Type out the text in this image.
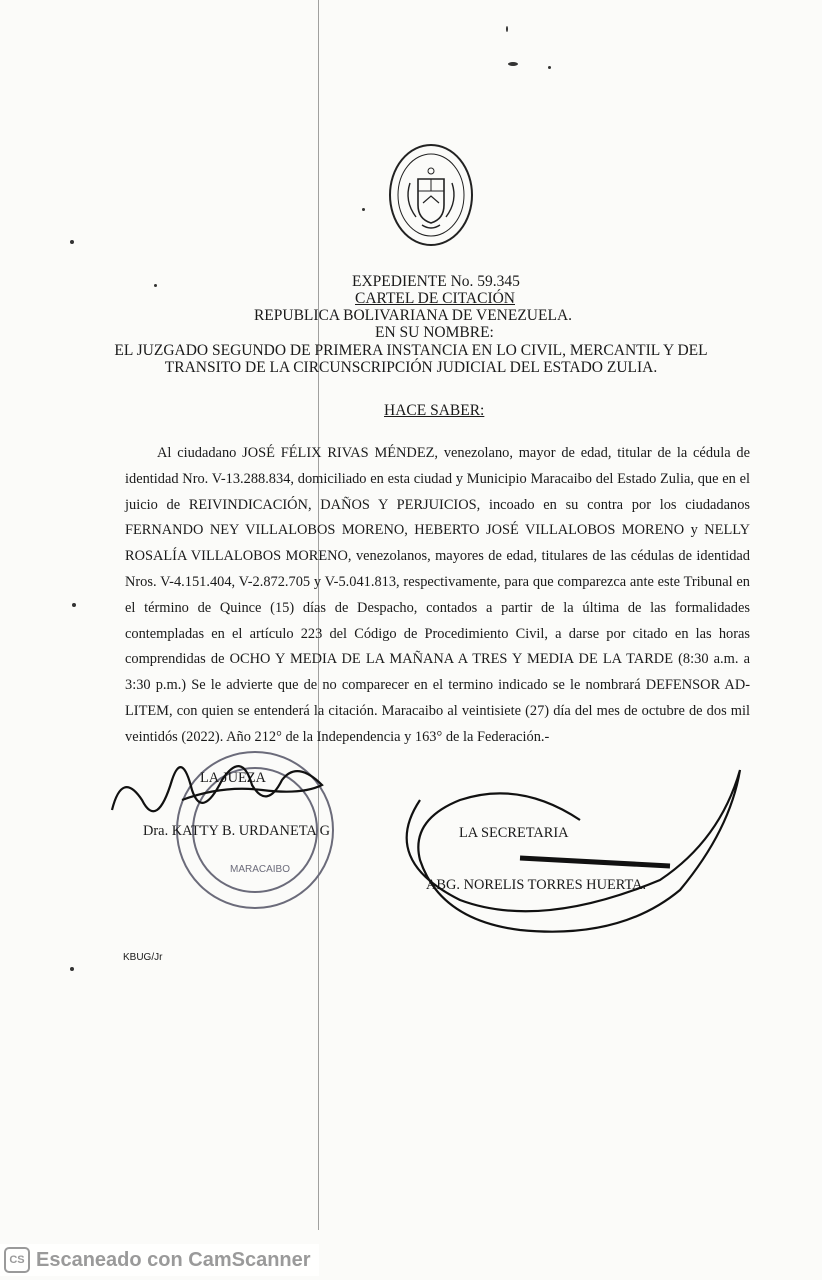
EXPEDIENTE No. 59.345
CARTEL DE CITACIÓN
REPUBLICA BOLIVARIANA DE VENEZUELA.
EN SU NOMBRE:
EL JUZGADO SEGUNDO DE PRIMERA INSTANCIA EN LO CIVIL, MERCANTIL Y DEL
TRANSITO DE LA CIRCUNSCRIPCIÓN JUDICIAL DEL ESTADO ZULIA.
HACE SABER:

Al ciudadano JOSÉ FÉLIX RIVAS MÉNDEZ, venezolano, mayor de edad, titular de la cédula de identidad Nro. V-13.288.834, domiciliado en esta ciudad y Municipio Maracaibo del Estado Zulia, que en el juicio de REIVINDICACIÓN, DAÑOS Y PERJUICIOS, incoado en su contra por los ciudadanos FERNANDO NEY VILLALOBOS MORENO, HEBERTO JOSÉ VILLALOBOS MORENO y NELLY ROSALÍA VILLALOBOS MORENO, venezolanos, mayores de edad, titulares de las cédulas de identidad Nros. V-4.151.404, V-2.872.705 y V-5.041.813, respectivamente, para que comparezca ante este Tribunal en el término de Quince (15) días de Despacho, contados a partir de la última de las formalidades contempladas en el artículo 223 del Código de Procedimiento Civil, a darse por citado en las horas comprendidas de OCHO Y MEDIA DE LA MAÑANA A TRES Y MEDIA DE LA TARDE (8:30 a.m. a 3:30 p.m.) Se le advierte que de no comparecer en el termino indicado se le nombrará DEFENSOR AD-LITEM, con quien se entenderá la citación. Maracaibo al veintisiete (27) día del mes de octubre de dos mil veintidós (2022). Año 212° de la Independencia y 163° de la Federación.-

MARACAIBO
LA JUEZA
Dra. KATTY B. URDANETA G	LA SECRETARIA
ABG. NORELIS TORRES HUERTA.
KBUG/Jr
CS Escaneado con CamScanner
